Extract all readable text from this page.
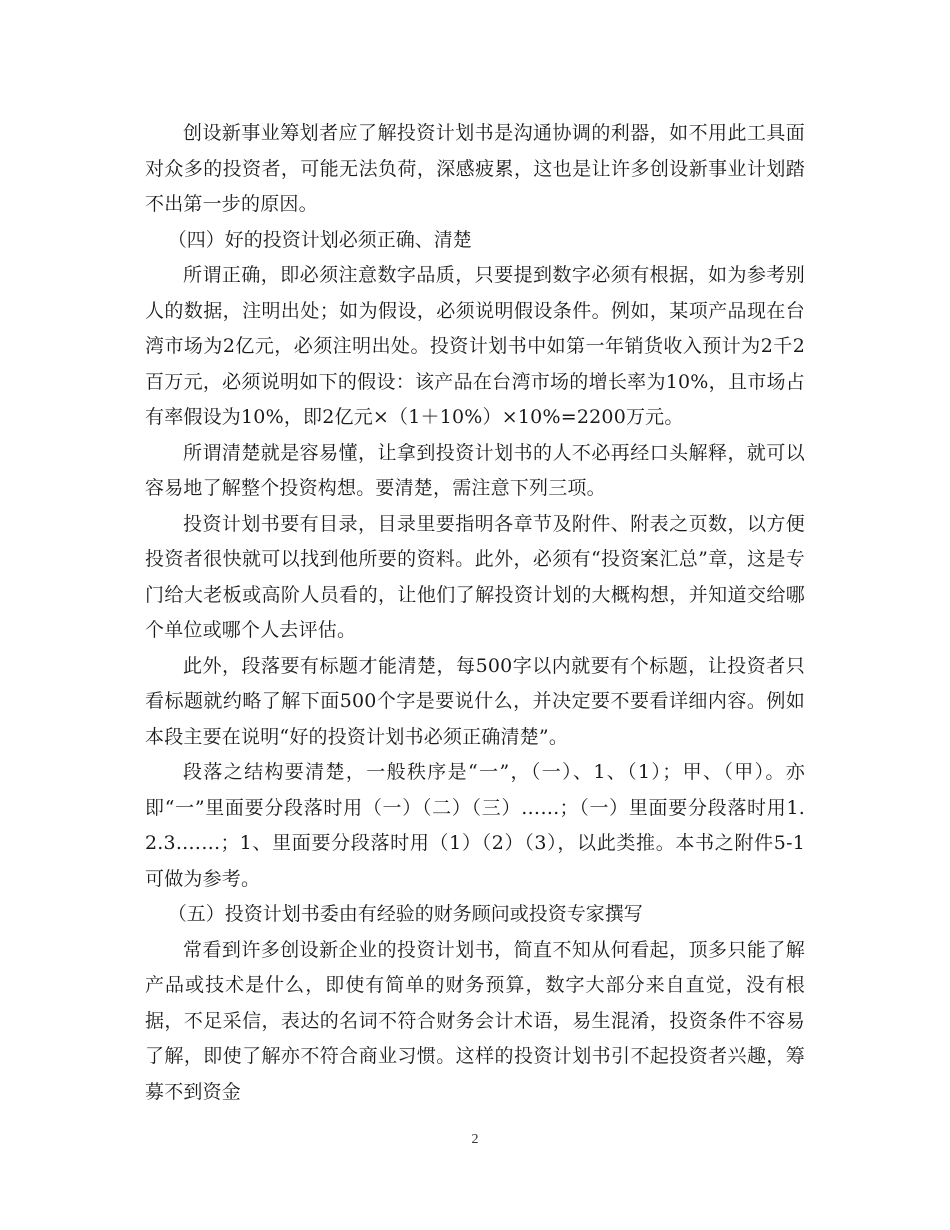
创设新事业筹划者应了解投资计划书是沟通协调的利器，如不用此工具面对众多的投资者，可能无法负荷，深感疲累，这也是让许多创设新事业计划踏不出第一步的原因。

（四）好的投资计划必须正确、清楚

所谓正确，即必须注意数字品质，只要提到数字必须有根据，如为参考别人的数据，注明出处；如为假设，必须说明假设条件。例如，某项产品现在台湾市场为2亿元，必须注明出处。投资计划书中如第一年销货收入预计为2千2百万元，必须说明如下的假设：该产品在台湾市场的增长率为10%，且市场占有率假设为10%，即2亿元×（1＋10%）×10%=2200万元。

所谓清楚就是容易懂，让拿到投资计划书的人不必再经口头解释，就可以容易地了解整个投资构想。要清楚，需注意下列三项。

投资计划书要有目录，目录里要指明各章节及附件、附表之页数，以方便投资者很快就可以找到他所要的资料。此外，必须有“投资案汇总”章，这是专门给大老板或高阶人员看的，让他们了解投资计划的大概构想，并知道交给哪个单位或哪个人去评估。

此外，段落要有标题才能清楚，每500字以内就要有个标题，让投资者只看标题就约略了解下面500个字是要说什么，并决定要不要看详细内容。例如本段主要在说明“好的投资计划书必须正确清楚”。

段落之结构要清楚，一般秩序是“一”，（一）、1、（1）；甲、（甲）。亦即“一”里面要分段落时用（一）（二）（三）……；（一）里面要分段落时用1.2.3.……；1、里面要分段落时用（1）（2）（3），以此类推。本书之附件5-1可做为参考。

（五）投资计划书委由有经验的财务顾问或投资专家撰写

常看到许多创设新企业的投资计划书，简直不知从何看起，顶多只能了解产品或技术是什么，即使有简单的财务预算，数字大部分来自直觉，没有根据，不足采信，表达的名词不符合财务会计术语，易生混淆，投资条件不容易了解，即使了解亦不符合商业习惯。这样的投资计划书引不起投资者兴趣，筹募不到资金

2
